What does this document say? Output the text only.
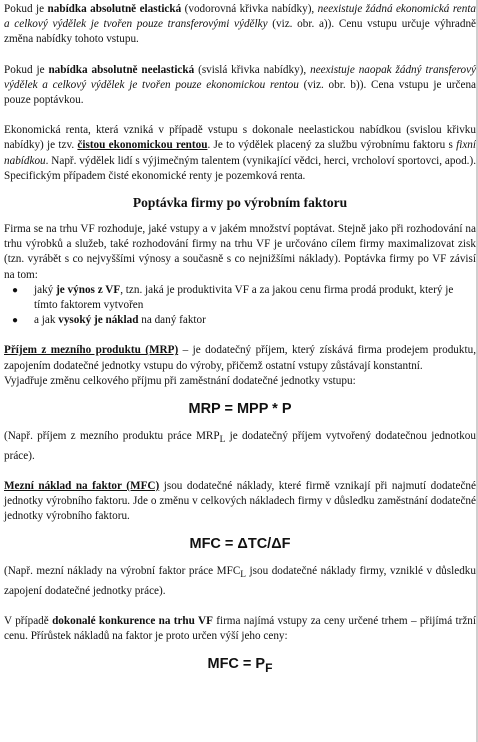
Pokud je nabídka absolutně elastická (vodorovná křivka nabídky), neexistuje žádná ekonomická renta a celkový výdělek je tvořen pouze transferovými výdělky (viz. obr. a)). Cenu vstupu určuje výhradně změna nabídky tohoto vstupu.

Pokud je nabídka absolutně neelastická (svislá křivka nabídky), neexistuje naopak žádný transferový výdělek a celkový výdělek je tvořen pouze ekonomickou rentou (viz. obr. b)). Cena vstupu je určena pouze poptávkou.

Ekonomická renta, která vzniká v případě vstupu s dokonale neelastickou nabídkou (svislou křivku nabídky) je tzv. čistou ekonomickou rentou. Je to výdělek placený za službu výrobnímu faktoru s fixní nabídkou. Např. výdělek lidí s výjimečným talentem (vynikající vědci, herci, vrcholoví sportovci, apod.). Specifickým případem čisté ekonomické renty je pozemková renta.

Poptávka firmy po výrobním faktoru

Firma se na trhu VF rozhoduje, jaké vstupy a v jakém množství poptávat. Stejně jako při rozhodování na trhu výrobků a služeb, také rozhodování firmy na trhu VF je určováno cílem firmy maximalizovat zisk (tzn. vyrábět s co nejvyššími výnosy a současně s co nejnižšími náklady). Poptávka firmy po VF závisí na tom:

● jaký je výnos z VF, tzn. jaká je produktivita VF a za jakou cenu firma prodá produkt, který je tímto faktorem vytvořen
● a jak vysoký je náklad na daný faktor

Příjem z mezního produktu (MRP) – je dodatečný příjem, který získává firma prodejem produktu, zapojením dodatečné jednotky vstupu do výroby, přičemž ostatní vstupy zůstávají konstantní.

Vyjadřuje změnu celkového příjmu při zaměstnání dodatečné jednotky vstupu:

MRP = MPP * P

(Např. příjem z mezního produktu práce $MRP_L$ je dodatečný příjem vytvořený dodatečnou jednotkou práce).

Mezní náklad na faktor (MFC) jsou dodatečné náklady, které firmě vznikají při najmutí dodatečné jednotky výrobního faktoru. Jde o změnu v celkových nákladech firmy v důsledku zaměstnání dodatečné jednotky výrobního faktoru.

MFC = ΔTC/ΔF

(Např. mezní náklady na výrobní faktor práce $MFC_L$ jsou dodatečné náklady firmy, vzniklé v důsledku zapojení dodatečné jednotky práce).

V případě dokonalé konkurence na trhu VF firma najímá vstupy za ceny určené trhem – přijímá tržní cenu. Přírůstek nákladů na faktor je proto určen výší jeho ceny:

MFC = $P_F$
